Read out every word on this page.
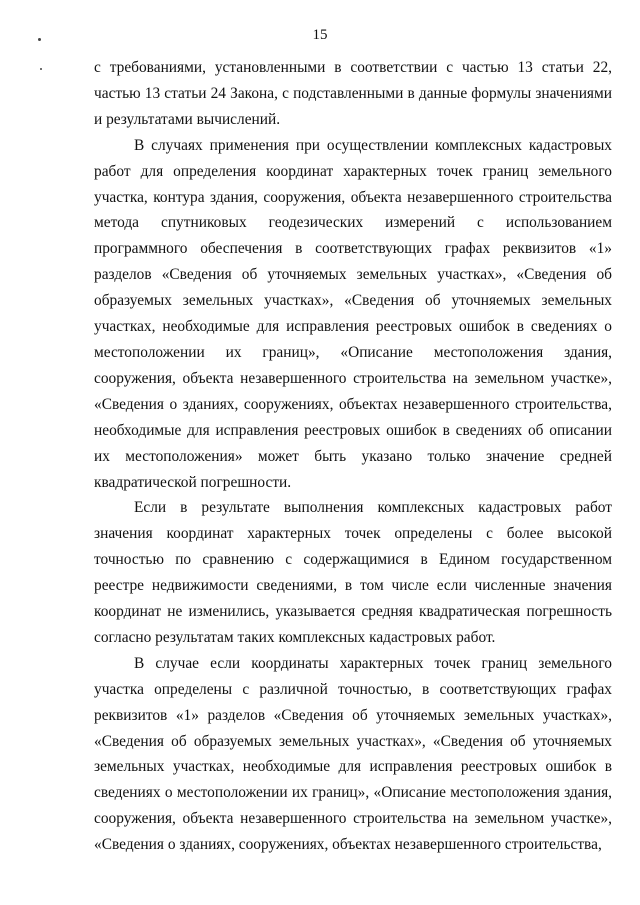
15

с требованиями, установленными в соответствии с частью 13 статьи 22, частью 13 статьи 24 Закона, с подставленными в данные формулы значениями и результатами вычислений.

В случаях применения при осуществлении комплексных кадастровых работ для определения координат характерных точек границ земельного участка, контура здания, сооружения, объекта незавершенного строительства метода спутниковых геодезических измерений с использованием программного обеспечения в соответствующих графах реквизитов «1» разделов «Сведения об уточняемых земельных участках», «Сведения об образуемых земельных участках», «Сведения об уточняемых земельных участках, необходимые для исправления реестровых ошибок в сведениях о местоположении их границ», «Описание местоположения здания, сооружения, объекта незавершенного строительства на земельном участке», «Сведения о зданиях, сооружениях, объектах незавершенного строительства, необходимые для исправления реестровых ошибок в сведениях об описании их местоположения» может быть указано только значение средней квадратической погрешности.

Если в результате выполнения комплексных кадастровых работ значения координат характерных точек определены с более высокой точностью по сравнению с содержащимися в Едином государственном реестре недвижимости сведениями, в том числе если численные значения координат не изменились, указывается средняя квадратическая погрешность согласно результатам таких комплексных кадастровых работ.

В случае если координаты характерных точек границ земельного участка определены с различной точностью, в соответствующих графах реквизитов «1» разделов «Сведения об уточняемых земельных участках», «Сведения об образуемых земельных участках», «Сведения об уточняемых земельных участках, необходимые для исправления реестровых ошибок в сведениях о местоположении их границ», «Описание местоположения здания, сооружения, объекта незавершенного строительства на земельном участке», «Сведения о зданиях, сооружениях, объектах незавершенного строительства,
